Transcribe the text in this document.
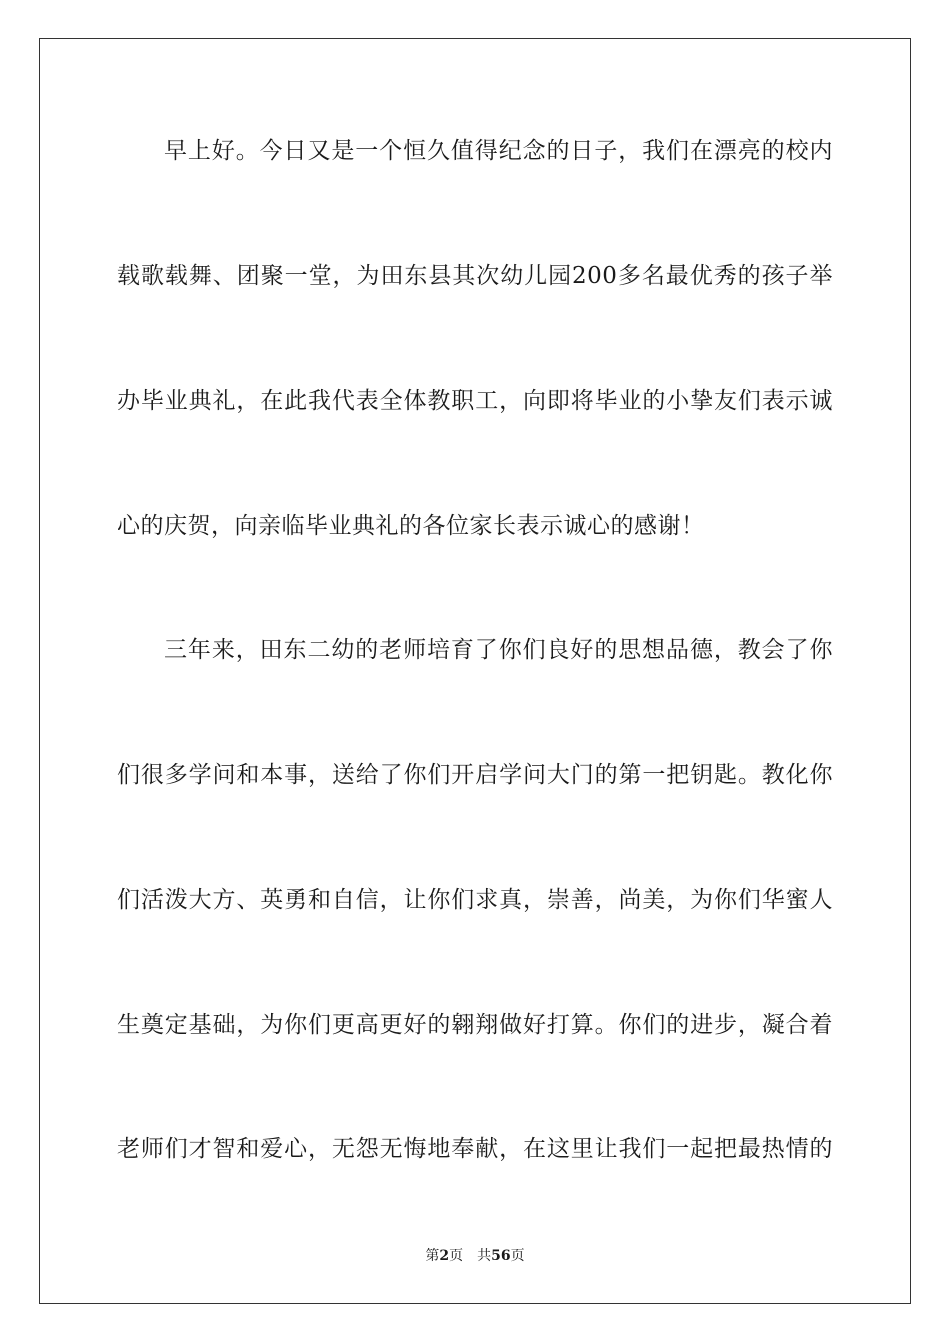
早上好。今日又是一个恒久值得纪念的日子，我们在漂亮的校内
载歌载舞、团聚一堂，为田东县其次幼儿园200多名最优秀的孩子举
办毕业典礼，在此我代表全体教职工，向即将毕业的小挚友们表示诚
心的庆贺，向亲临毕业典礼的各位家长表示诚心的感谢！
三年来，田东二幼的老师培育了你们良好的思想品德，教会了你
们很多学问和本事，送给了你们开启学问大门的第一把钥匙。教化你
们活泼大方、英勇和自信，让你们求真，崇善，尚美，为你们华蜜人
生奠定基础，为你们更高更好的翱翔做好打算。你们的进步，凝合着
老师们才智和爱心，无怨无悔地奉献，在这里让我们一起把最热情的
第2页 共56页
